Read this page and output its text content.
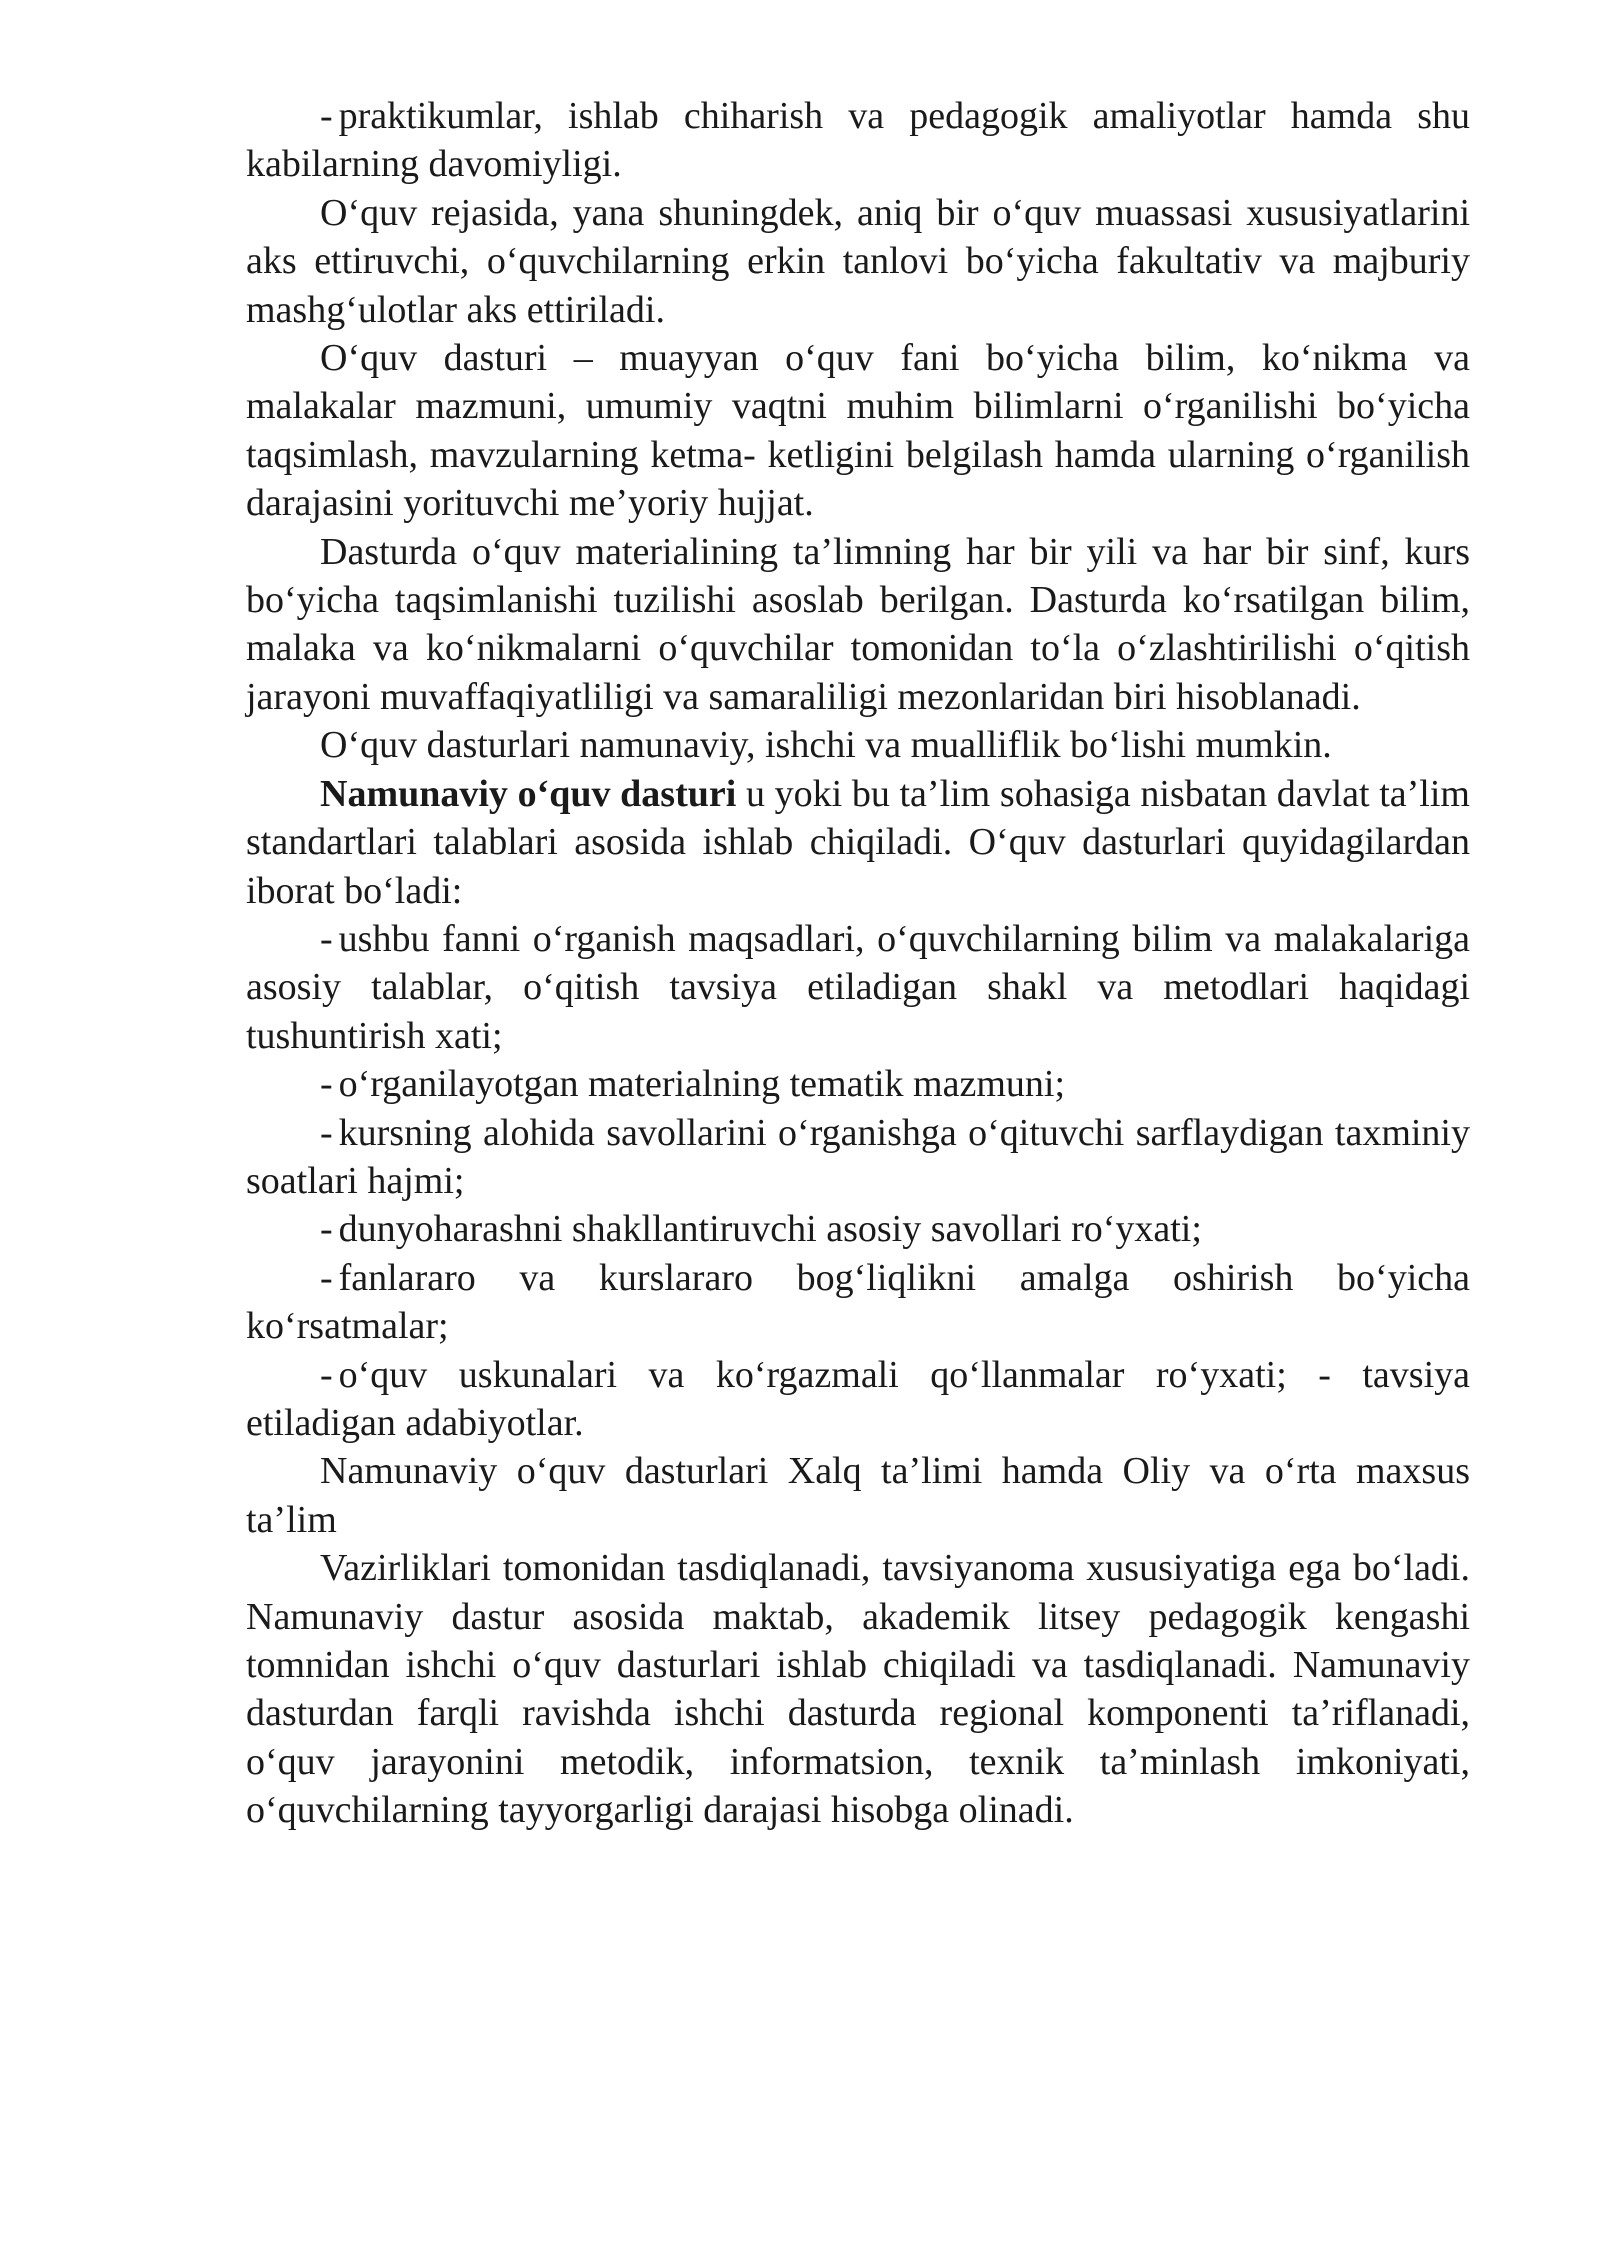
- praktikumlar, ishlab chiharish va pedagogik amaliyotlar hamda shu kabilarning davomiyligi.

O‘quv rejasida, yana shuningdek, aniq bir o‘quv muassasi xususiyatlarini aks ettiruvchi, o‘quvchilarning erkin tanlovi bo‘yicha fakultativ va majburiy mashg‘ulotlar aks ettiriladi.

O‘quv dasturi – muayyan o‘quv fani bo‘yicha bilim, ko‘nikma va malakalar mazmuni, umumiy vaqtni muhim bilimlarni o‘rganilishi bo‘yicha taqsimlash, mavzularning ketma- ketligini belgilash hamda ularning o‘rganilish darajasini yorituvchi me’yoriy hujjat.

Dasturda o‘quv materialining ta’limning har bir yili va har bir sinf, kurs bo‘yicha taqsimlanishi tuzilishi asoslab berilgan. Dasturda ko‘rsatilgan bilim, malaka va ko‘nikmalarni o‘quvchilar tomonidan to‘la o‘zlashtirilishi o‘qitish jarayoni muvaffaqiyatliligi va samaraliligi mezonlaridan biri hisoblanadi.

O‘quv dasturlari namunaviy, ishchi va mualliflik bo‘lishi mumkin.

Namunaviy o‘quv dasturi u yoki bu ta’lim sohasiga nisbatan davlat ta’lim standartlari talablari asosida ishlab chiqiladi. O‘quv dasturlari quyidagilardan iborat bo‘ladi:

- ushbu fanni o‘rganish maqsadlari, o‘quvchilarning bilim va malakalariga asosiy talablar, o‘qitish tavsiya etiladigan shakl va metodlari haqidagi tushuntirish xati;

- o‘rganilayotgan materialning tematik mazmuni;

- kursning alohida savollarini o‘rganishga o‘qituvchi sarflaydigan taxminiy soatlari hajmi;

- dunyoharashni shakllantiruvchi asosiy savollari ro‘yxati;

- fanlararo va kurslararo bog‘liqlikni amalga oshirish bo‘yicha ko‘rsatmalar;

- o‘quv uskunalari va ko‘rgazmali qo‘llanmalar ro‘yxati; - tavsiya etiladigan adabiyotlar.

Namunaviy o‘quv dasturlari Xalq ta’limi hamda Oliy va o‘rta maxsus ta’lim

Vazirliklari tomonidan tasdiqlanadi, tavsiyanoma xususiyatiga ega bo‘ladi. Namunaviy dastur asosida maktab, akademik litsey pedagogik kengashi tomnidan ishchi o‘quv dasturlari ishlab chiqiladi va tasdiqlanadi. Namunaviy dasturdan farqli ravishda ishchi dasturda regional komponenti ta’riflanadi, o‘quv jarayonini metodik, informatsion, texnik ta’minlash imkoniyati, o‘quvchilarning tayyorgarligi darajasi hisobga olinadi.
